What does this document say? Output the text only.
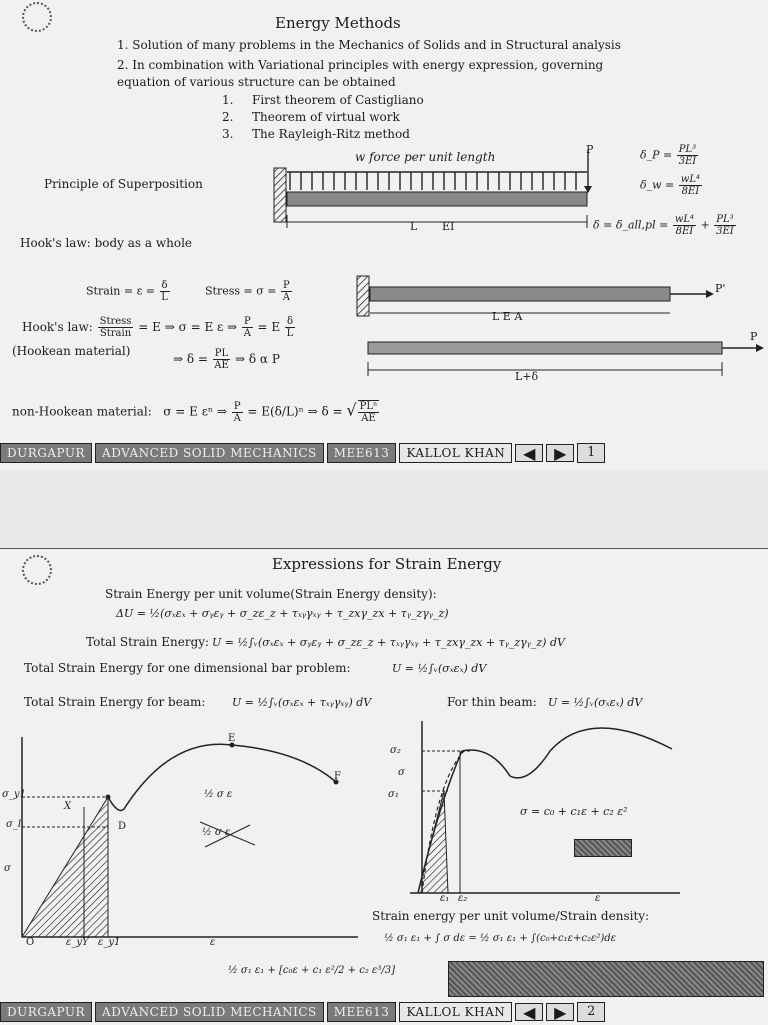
Energy Methods
1. Solution of many problems in the Mechanics of Solids and in Structural analysis
2. In combination with Variational principles with energy expression, governing
equation of various structure can be obtained
1. First theorem of Castigliano
2. Theorem of virtual work
3. The Rayleigh-Ritz method
w force per unit length
P
Principle of Superposition
L EI
δ_P = $\frac{\text{PL³}}{3EI}$
δ_w = $\frac{\text{wL⁴}}{8EI}$
δ = δ_all,pl = $\frac{\text{wL⁴}}{8EI} + \frac{\text{PL³}}{3EI}$
Hook's law: body as a whole
Strain = $\varepsilon = \frac{\delta}{L}$	Stress = $\sigma = \frac{P}{A}$
Hook's law: $\frac{\text{Stress}}{\text{Strain}} = E$ ⇒ σ = E ε ⇒ $\frac{P}{A} = E \frac{\delta}{L}$
(Hookean material)
⇒ $\delta = \frac{PL}{AE}$ ⇒ δ α P
P'
P
L E A
L+δ
non-Hookean material: σ = E εⁿ ⇒ $\frac{P}{A} = E(\delta/L)^n$ ⇒ δ = √ $\frac{\text{PLⁿ}}{AE}$
DURGAPUR	ADVANCED SOLID MECHANICS	MEE613	KALLOL KHAN	◀ ▶	1
Expressions for Strain Energy
Strain Energy per unit volume(Strain Energy density):
ΔU = ½(σₓεₓ + σᵧεᵧ + σ_zε_z + τₓᵧγₓᵧ + τ_zxγ_zx + τᵧ_zγᵧ_z)
Total Strain Energy: U = ½∫ᵥ(σₓεₓ + σᵧεᵧ + σ_zε_z + τₓᵧγₓᵧ + τ_zxγ_zx + τᵧ_zγᵧ_z) dV
Total Strain Energy for one dimensional bar problem:	U = ½∫ᵥ(σₓεₓ) dV
Total Strain Energy for beam: U = ½∫ᵥ(σₓεₓ + τₓᵧγₓᵧ) dV	For thin beam: U = ½∫ᵥ(σₓεₓ) dV
σ_y1
σ_l
σ
O	ε_y Y ε_y1	ε
X
D
E
F
½ σ ε
½ σ ε
σ₂
σ
σ₁
ε₁ ε₂	ε
σ = c₀ + c₁ε + c₂ ε²
Strain energy per unit volume/Strain density:
½ σ₁ ε₁ + ∫ σ dε = ½ σ₁ ε₁ + ∫(c₀+c₁ε+c₂ε²)dε
½ σ₁ ε₁ + [c₀ε + c₁ ε²/2 + c₂ ε³/3]
DURGAPUR	ADVANCED SOLID MECHANICS	MEE613	KALLOL KHAN	◀ ▶	2
